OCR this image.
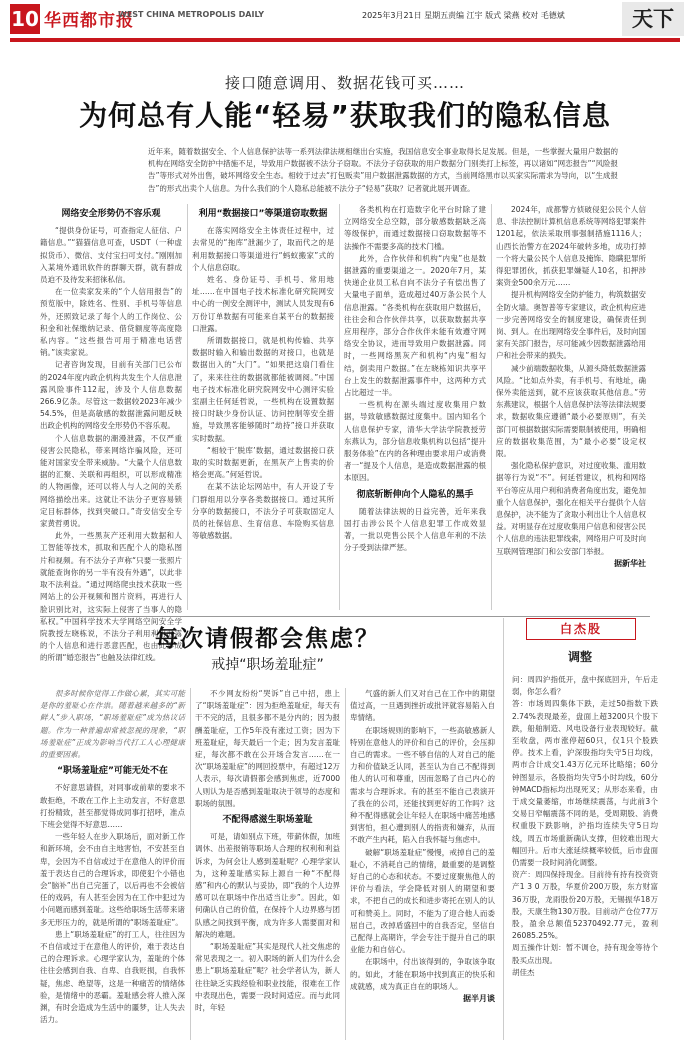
10 华西都市报
WEST CHINA METROPOLIS DAILY	2025年3月21日 星期五 责编 江宇 版式 梁燕 校对 毛德斌	天下
接口随意调用、数据花钱可买……
为何总有人能“轻易”获取我们的隐私信息
近年来，随着数据安全、个人信息保护法等一系列法律法规相继出台实施，我国信息安全事业取得长足发展。但是，一些掌握大量用户数据的机构在网络安全防护中措施不足，导致用户数据被不法分子窃取。不法分子窃获取的用户数据分门别类打上标签，再以诸如“网恋报告”“风险报告”等形式对外出售，破坏网络安全生态。相较于过去“打包贩卖”用户数据泄露数据的方式，当前网络黑市以买家实际需求为导向，以“生成报告”的形式出卖个人信息。为什么我们的个人隐私总能被不法分子“轻易”获取？记者就此展开调查。
网络安全形势仍不容乐观

“提供身份证号，可查指定人征信、户籍信息。”“猫猫信息可查，USDT（一种虚拟货币）、微信、支付宝扫可支付。”刚刚加入某境外通讯软件的群聊天群，就有群成员迫不及待发来招徕私信。

在一位卖家发来的“个人信用报告”的预览版中，除姓名、性别、手机号等信息外，还照致记录了每个人的工作岗位、公积金和社保缴纳记录、借贷额度等高度隐私内容。“这些报告可用于精准电话营销。”该卖家说。

记者咨询发现，目前有关部门已公布的2024年度内政企机构共发生个人信息泄露风险事件112起，涉及个人信息数据266.9亿条。尽管这一数据较2023年减少54.5%，但是高敏感的数据泄露问题反映出政企机构的网络安全形势仍不容乐观。

个人信息数据的潮漫泄露，不仅严重侵害公民隐私，带来网络诈骗风险，还可能对国家安全带来威胁。“大量个人信息数据的汇聚、关联和再组织，可以形成精准的人物画像，还可以将人与人之间的关系网络描绘出来。这就让不法分子更容易锁定目标群体，找到突破口。”奇安信安全专家黄哲勇说。

此外，一些黑灰产还利用大数据和人工智能等技术，抓取和匹配个人的隐私图片和视频。有不法分子声称“只要一张照片就能查询你的另一半有没有外遇”，以此非取不法利益。“通过网络爬虫技术获取一些网站上的公开视频和图片资料，再进行人脸识别比对，这实际上侵害了当事人的隐私权。”中国科学技术大学网络空间安全学院教授左晓栋说，不法分子利用利用泄露的个人信息和进行恶意匹配，也由此形成的所谓“婚恋报告”也触及法律红线。

利用“数据接口”等渠道窃取数据

在落实网络安全主体责任过程中，过去常见的“拖库”泄漏少了，取而代之的是利用数据接口等渠道进行“蚂蚁搬家”式的个人信息窃取。

姓名、身份证号、手机号、常用地址……在中国电子技术标准化研究院网安中心的一例安全测评中，测试人员发现有6万份订单数据有可能来自某平台的数据接口泄露。

所谓数据接口，就是机构传输、共享数据时输入和输出数据的对接口，也就是数据出入的“大门”。“如果把这扇门看住了，来来往往的数据就都能被调阅。”中国电子技术标准化研究院网安中心测评实验室副主任何延哲说，一些机构在设置数据接口时缺少身份认证、访问控制等安全措施，导致黑客能够随时“劫持”接口并获取实时数据。

“相较于‘脱库’数据，通过数据接口获取的实时数据更新，在黑灰产上售卖的价格会更高。”何延哲说。

在某不法论坛网站中，有人开设了专门群组用以分享各类数据接口。通过其所分享的数据接口，不法分子可获取固定人员的社保信息、生育信息、车险购买信息等敏感数据。

各类机构在打造数字化平台时除了建立网络安全总空隙，部分敏感数据缺乏高等级保护，而通过数据接口窃取数据等不法操作不需要多高的技术门槛。

此外，合作伙伴和机构“内鬼”也是数据泄露的重要渠道之一。2020年7月，某快递企业员工私自向不法分子有偿出售了大量电子面单，造成超过40万条公民个人信息泄露。“各类机构在获取用户数据后，往往会和合作伙伴共享，以获取数据共享应用程序，部分合作伙伴未能有效遵守网络安全协议，进而导致用户数据泄露。同时，一些网络黑灰产和机构“内鬼”相勾结，倒卖用户数据。”在左晓栋知识共享平台上发生的数据泄露事件中，这两种方式占比超过一半。

一些机构在源头端过度收集用户数据，导致敏感数据过度集中。国内知名个人信息保护专家，清华大学法学院教授劳东燕认为，部分信息收集机构以包括“提升服务体验”在内的各种理由要求用户或消费者一“提及个人信息，是造成数据泄露的根本原因。

彻底斩断伸向个人隐私的黑手

随着法律法规的日益完善，近年来我国打击涉公民个人信息犯罪工作成效显著，一批以兜售公民个人信息年利的不法分子受到法律严惩。

2024年，成都警方侦破侵犯公民个人信息、非法控制计算机信息系统等网络犯罪案件1201起，依法采取刑事强制措施1116人；山西长治警方在2024年破转多地，成功打掉一个将大量公民个人信息及掩饰、隐瞒犯罪所得犯罪团伙，抓获犯罪嫌疑人10名，扣押涉案资金500余万元……

提升机构网络安全防护能力，构筑数据安全防火墙。奥智普等专家建议，政企机构应进一步完善网络安全的制度建设，确保责任到岗、到人。在出现网络安全事件后，及时向国家有关部门报告，尽可能减少因数据泄露给用户和社会带来的损失。

减少前端数据收集，从源头降低数据泄露风险。“比如点外卖，有手机号、有地址，确保外卖能送到，就不应该获取其他信息。”劳东燕建议，根据个人信息保护法等法律法规要求，数据收集应遵循“最小必要原则”，有关部门可根据数据实际需要限制被使用，明确相应的数据收集范围，为“最小必要”设定权限。

强化隐私保护意识，对过度收集、滥用数据等行为说“不”。何延哲建议，机构和网络平台等应从用户利和消费者角度出发，避免加重个人信息保护，强化在相关平台提供个人信息保护，决不能为了贪取小利出让个人信息权益。对明显存在过度收集用户信息和侵害公民个人信息的违法犯罪线索，网络用户可及时向互联网管理部门和公安部门举报。

据新华社
每次请假都会焦虑？
戒掉“职场羞耻症”

很多时候你觉得工作做心累，其实可能是你的羞耻心在作祟。随着越来越多的“新鲜人”步入职场，“职场羞耻症”成为热议话题。作为一种普遍却常被忽视的现象，“职场羞耻症”正成为影响当代打工人心理健康的重要因素。

“职场羞耻症”可能无处不在

不好意思请假，对同事或前辈的要求不敢拒绝，不敢在工作上主动发言，不好意思打扮精致，甚至都觉得成同事打招呼，准点下班会觉得不好意思……

一些年轻人在步入职场后，面对新工作和新环境，会不由自主地害怕，不安甚至自卑，会因为不自信或过于在意他人的评价而羞于表达自己的合理诉求，即使犯个小错也会“脑补”出自己完蛋了，以后再也不会被信任的戏码，有人甚至会因为在工作中犯过为小问题而感到羞耻。这些给职场生活带来诸多无形压力的，就是所谓的“职场羞耻症”。

患上“职场羞耻症”的打工人，往往因为不自信或过于在意他人的评价，难于表达自己的合理诉求。心理学家认为，羞耻的个体往往会感到自我、自卑、自我贬损，自我怀疑，焦虑、绝望等，这是一种痛苦的情绪体验，是情绪中的恶霸。羞耻感会将人推入深渊，有时会造成为生活中的噩梦，让人失去活力。

不少网友纷纷“哭诉”自己中招，患上了“职场羞耻症”：因为拒绝羞耻症，每天有干不完的活，且很多都不是分内的；因为报酬羞耻症，工作5年没有涨过工资；因为下班羞耻症，每天最后一个走；因为发言羞耻症，每次都不敢在公开场合发言……在一次“职场羞耻症”的网回投票中，有超过12万人表示，每次请假都会感到焦虑，近7000人则认为是否感到羞耻取决于领导的态度和职场的氛围。

不配得感滋生职场羞耻

可是，请如别点下班，带薪休假，加班调休、出差报销等职场人合理的权利和利益诉求，为何会让人感到羞耻呢？心理学家认为，这种羞耻感实际上源自一种“不配得感”和内心的默认与妥协，即“我的个人边界感可以在职场中作出适当让步”。因此，如何确认自己的价值，在保持个人边界感与团队感之间找到平衡，成为许多人需要面对和解决的难题。

“职场羞耻症”其实是现代人社交焦虑的常见表现之一。初入职场的新人们为什么会患上“职场羞耻症”呢？社会学者认为，新人往往缺乏实践经验和职业技能，很难在工作中表现出色，需要一段时间适应。而与此同时，年轻

气盛的新人们又对自己在工作中的期望值过高，一旦遇到挫折或批评就容易陷入自卑情绪。

在职场规则的影响下，一些高敏感新人特别在意他人的评价和自己的评价，会压抑自己的需求。一些不够自信的人对自己的能力和价值缺乏认同，甚至认为自己不配得到他人的认可和尊重，因而忽略了自己内心的需求与合理诉求。有的甚至不能自己表演开了我在的公司，还能找到更好的工作吗？这种不配得感就会让年轻人在职场中痛苦地感到害怕，担心遭到别人的指责和嫌弃，从而不敢产生内耗，陷入自我怀疑与焦虑中。

破解“职场羞耻症”慢慢，戒掉自己的羞耻心，不消耗自己的情绪，最重要的是调整好自己的心态和状态。不要过度聚焦他人的评价与看法，学会降低对别人的期望和要求，不把自己的成长和进步寄托在别人的认可和赞美上。同时，不能为了迎合他人而委屈自己，改掉盾盛回中的自我否定，坚信自己配得上高期许，学会专注于提升自己的职业能力和自信心。

在职场中，付出该得到的，争取该争取的。如此，才能在职场中找到真正的快乐和成就感，成为真正自在的职场人。

据半月谈
白杰股
调整

问：周四沪指低开，盘中探底回升，午后走弱，你怎么看？

答：市场周四集体下跌，走过50指数下跌2.74%表现最差，盘面上超3200只个股下跌，船舶制造、风电设备行业表现较好。截至收盘，两市涨停超60只，仅1只个股跌停。技术上看，沪深股指均失守5日均线，两市合计成交1.43万亿元环比略缩；60分钟图显示，各股指均失守5小时均线，60分钟MACD指标均出现死叉；从形态来看，由于成交量萎缩，市场继续震荡，与此前3个交易日窄幅震荡不同的是，受周期股、消费权重股下跌影响，沪指均连续失守5日均线，周五市场重新确认支撑，但较难出现大幅回升。后市大涨延续概率较低，后市盘面仍需要一段时间消化调整。

资产：周四保持现金。目前待有持有投资资产1 3 0 万股，华夏价200万股，东方财富36万股，龙雨股份20万股，无锡振华18万股，天康生物130万股。目前动产仓位77万股，盈余总额值52370492.77元，盈利26085.25%。

周五操作计划：暂不调仓，持有现金等待个股买点出现。

胡佳杰
